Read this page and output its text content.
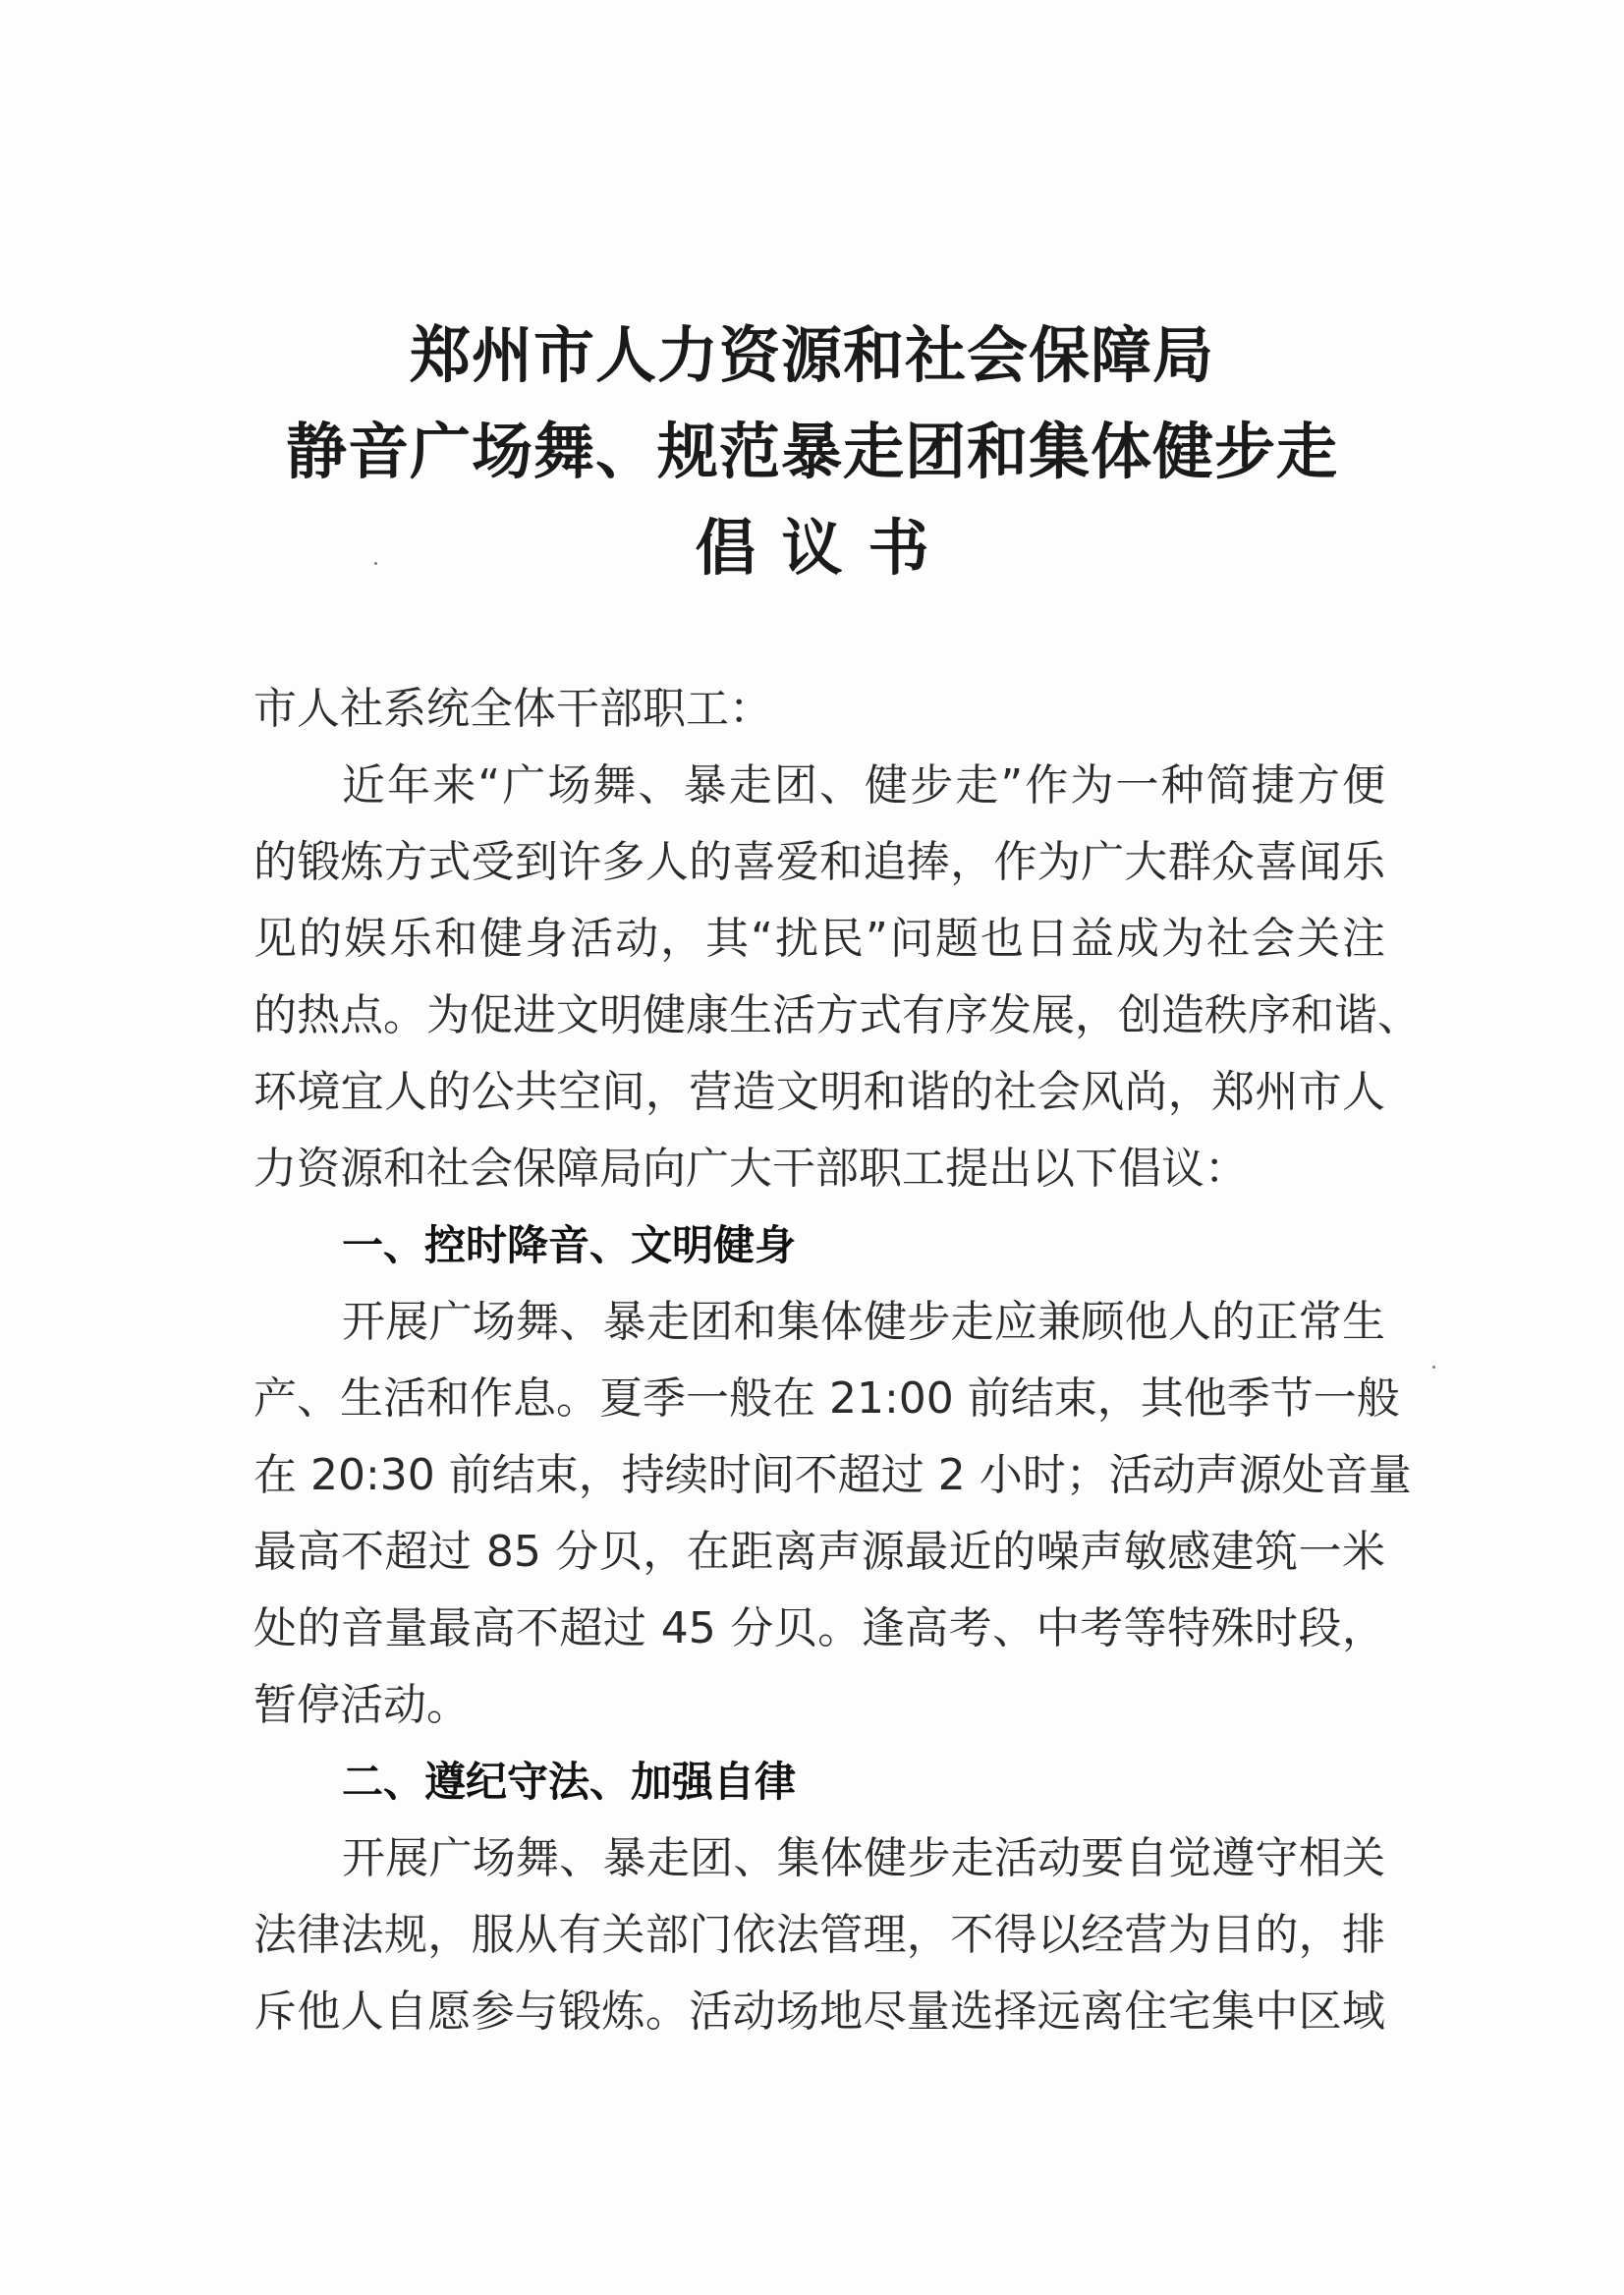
郑州市人力资源和社会保障局
静音广场舞、规范暴走团和集体健步走
倡议书
市人社系统全体干部职工：
近年来“广场舞、暴走团、健步走”作为一种简捷方便
的锻炼方式受到许多人的喜爱和追捧，作为广大群众喜闻乐
见的娱乐和健身活动，其“扰民”问题也日益成为社会关注
的热点。为促进文明健康生活方式有序发展，创造秩序和谐、
环境宜人的公共空间，营造文明和谐的社会风尚，郑州市人
力资源和社会保障局向广大干部职工提出以下倡议：
一、控时降音、文明健身
开展广场舞、暴走团和集体健步走应兼顾他人的正常生
产、生活和作息。夏季一般在 21:00 前结束，其他季节一般
在 20:30 前结束，持续时间不超过 2 小时；活动声源处音量
最高不超过 85 分贝，在距离声源最近的噪声敏感建筑一米
处的音量最高不超过 45 分贝。逢高考、中考等特殊时段，
暂停活动。
二、遵纪守法、加强自律
开展广场舞、暴走团、集体健步走活动要自觉遵守相关
法律法规，服从有关部门依法管理，不得以经营为目的，排
斥他人自愿参与锻炼。活动场地尽量选择远离住宅集中区域
